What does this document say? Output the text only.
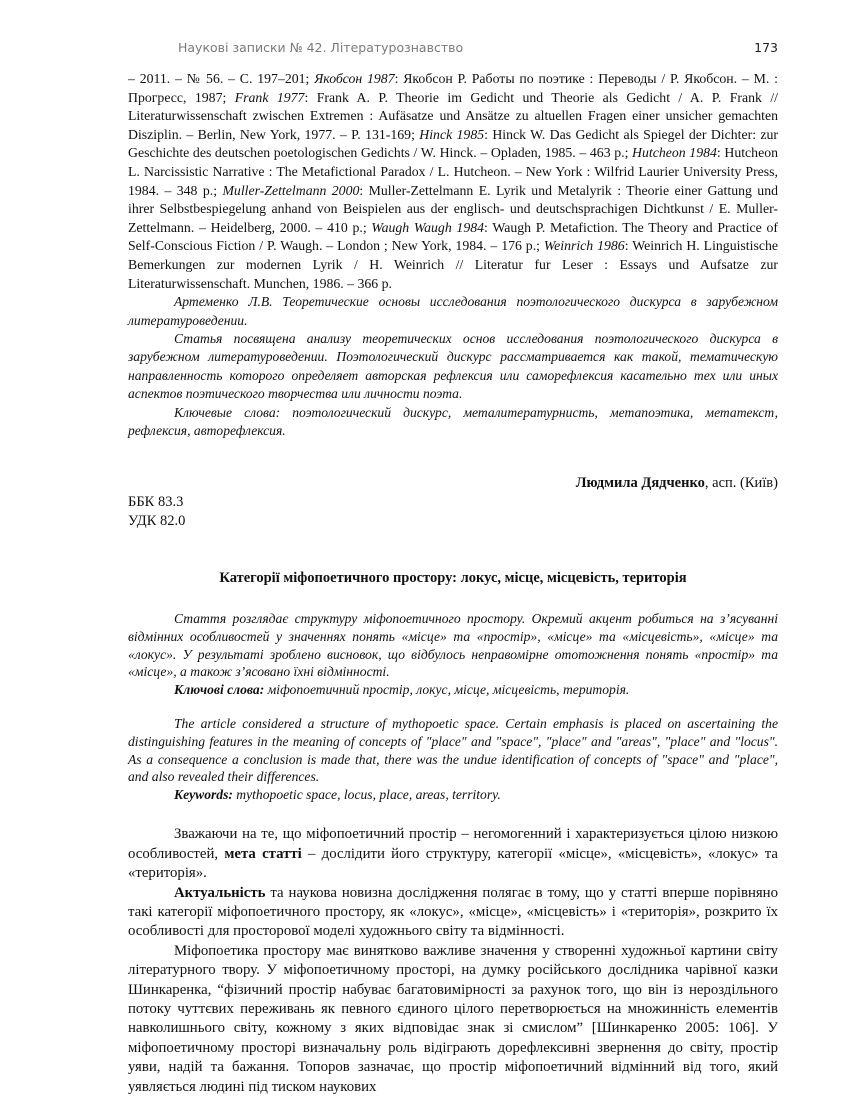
Наукові записки № 42. Літературознавство	173
– 2011. – № 56. – С. 197–201; Якобсон 1987: Якобсон Р. Работы по поэтике : Переводы / Р. Якобсон. – М. : Прогресс, 1987; Frank 1977: Frank A. P. Theorie im Gedicht und Theorie als Gedicht / A. P. Frank // Literaturwissenschaft zwischen Extremen : Aufäsatze und Ansätze zu altuellen Fragen einer unsicher gemachten Disziplin. – Berlin, New York, 1977. – P. 131-169; Hinck 1985: Hinck W. Das Gedicht als Spiegel der Dichter: zur Geschichte des deutschen poetologischen Gedichts / W. Hinck. – Opladen, 1985. – 463 p.; Hutcheon 1984: Hutcheon L. Narcissistic Narrative : The Metafictional Paradox / L. Hutcheon. – New York : Wilfrid Laurier University Press, 1984. – 348 p.; Muller-Zettelmann 2000: Muller-Zettelmann E. Lyrik und Metalyrik : Theorie einer Gattung und ihrer Selbstbespiegelung anhand von Beispielen aus der englisch- und deutschsprachigen Dichtkunst / E. Muller-Zettelmann. – Heidelberg, 2000. – 410 p.; Waugh Waugh 1984: Waugh P. Metafiction. The Theory and Practice of Self-Conscious Fiction / P. Waugh. – London ; New York, 1984. – 176 p.; Weinrich 1986: Weinrich H. Linguistische Bemerkungen zur modernen Lyrik / H. Weinrich // Literatur fur Leser : Essays und Aufsatze zur Literaturwissenschaft. Munchen, 1986. – 366 p.

Артеменко Л.В. Теоретические основы исследования поэтологического дискурса в зарубежном литературоведении.

Статья посвящена анализу теоретических основ исследования поэтологического дискурса в зарубежном литературоведении. Поэтологический дискурс рассматривается как такой, тематическую направленность которого определяет авторская рефлексия или саморефлексия касательно тех или иных аспектов поэтического творчества или личности поэта.

Ключевые слова: поэтологический дискурс, металитературнисть, метапоэтика, метатекст, рефлексия, авторефлексия.

Людмила Дядченко, асп. (Київ)
ББК 83.3
УДК 82.0
Категорії міфопоетичного простору: локус, місце, місцевість, територія

Стаття розглядає структуру міфопоетичного простору. Окремий акцент робиться на з’ясуванні відмінних особливостей у значеннях понять «місце» та «простір», «місце» та «місцевість», «місце» та «локус». У результаті зроблено висновок, що відбулось неправомірне ототожнення понять «простір» та «місце», а також з’ясовано їхні відмінності.

Ключові слова: міфопоетичний простір, локус, місце, місцевість, територія.

The article considered a structure of mythopoetic space. Certain emphasis is placed on ascertaining the distinguishing features in the meaning of concepts of "place" and "space", "place" and "areas", "place" and "locus". As a consequence a conclusion is made that, there was the undue identification of concepts of "space" and "place", and also revealed their differences.

Keywords: mythopoetic space, locus, place, areas, territory.

Зважаючи на те, що міфопоетичний простір – негомогенний і характеризується цілою низкою особливостей, мета статті – дослідити його структуру, категорії «місце», «місцевість», «локус» та «територія».

Актуальність та наукова новизна дослідження полягає в тому, що у статті вперше порівняно такі категорії міфопоетичного простору, як «локус», «місце», «місцевість» і «територія», розкрито їх особливості для просторової моделі художнього світу та відмінності.

Міфопоетика простору має винятково важливе значення у створенні художньої картини світу літературного твору. У міфопоетичному просторі, на думку російського дослідника чарівної казки Шинкаренка, “фізичний простір набуває багатовимірності за рахунок того, що він із нероздільного потоку чуттєвих переживань як певного єдиного цілого перетворюється на множинність елементів навколишнього світу, кожному з яких відповідає знак зі смислом” [Шинкаренко 2005: 106]. У міфопоетичному просторі визначальну роль відіграють дорефлексивні звернення до світу, простір уяви, надій та бажання. Топоров зазначає, що простір міфопоетичний відмінний від того, який уявляється людині під тиском наукових
